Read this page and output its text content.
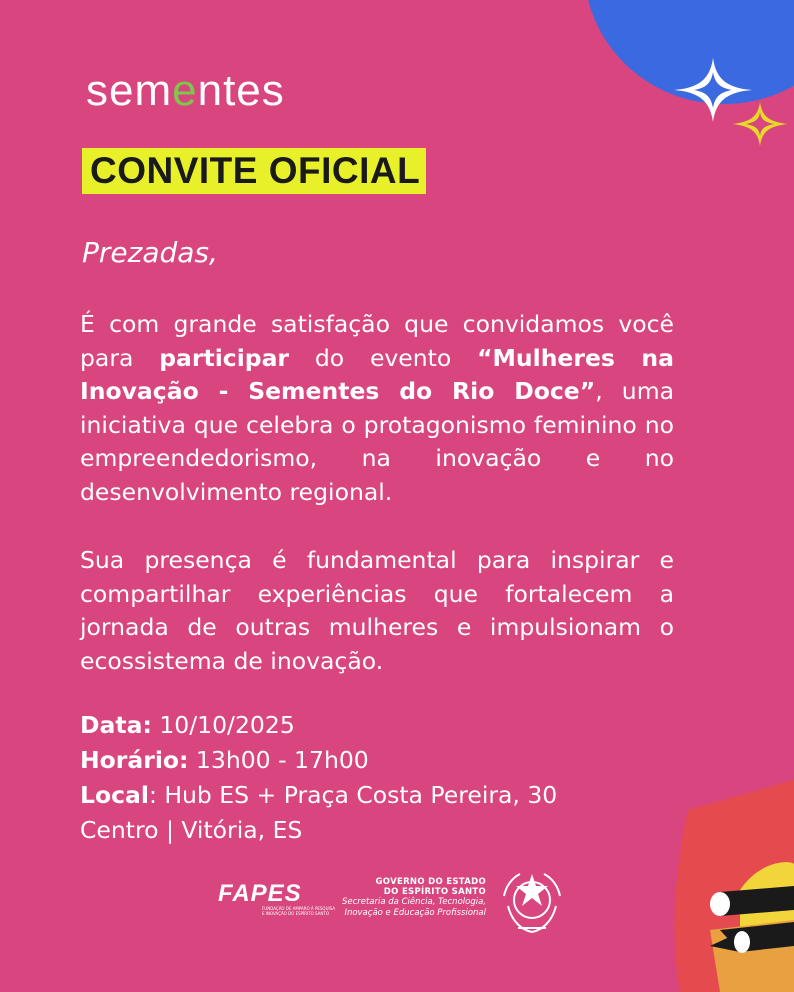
sementes
CONVITE OFICIAL
Prezadas,
É com grande satisfação que convidamos você para participar do evento “Mulheres na Inovação - Sementes do Rio Doce”, uma iniciativa que celebra o protagonismo feminino no empreendedorismo, na inovação e no desenvolvimento regional.
Sua presença é fundamental para inspirar e compartilhar experiências que fortalecem a jornada de outras mulheres e impulsionam o ecossistema de inovação.
Data: 10/10/2025
Horário: 13h00 - 17h00
Local: Hub ES + Praça Costa Pereira, 30
Centro | Vitória, ES
FAPES
FUNDAÇÃO DE AMPARO À PESQUISA
E INOVAÇÃO DO ESPÍRITO SANTO
GOVERNO DO ESTADO
DO ESPÍRITO SANTO
Secretaria da Ciência, Tecnologia,
Inovação e Educação Profissional
